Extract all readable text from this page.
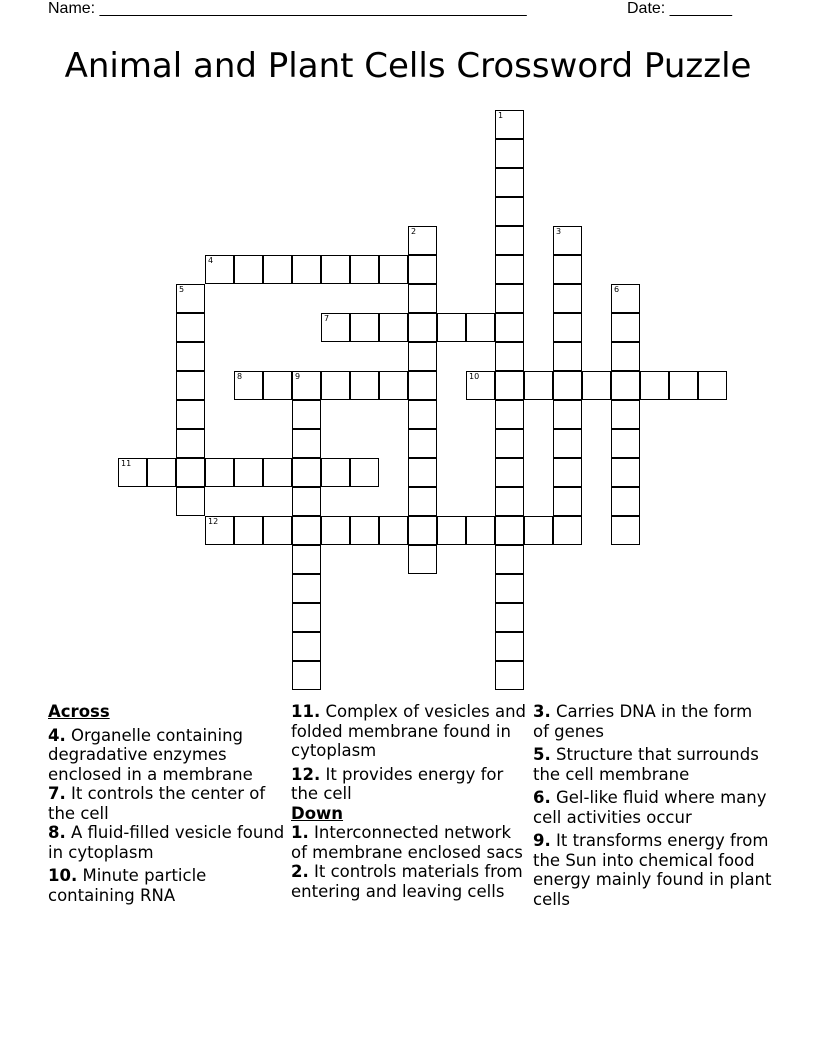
Name: ________________________________________________	Date: _______
Animal and Plant Cells Crossword Puzzle
1
2	3
4
5	6
7
8	9	10
11
12
Across
4. Organelle containing degradative enzymes enclosed in a membrane
7. It controls the center of the cell
8. A fluid-filled vesicle found in cytoplasm
10. Minute particle containing RNA
11. Complex of vesicles and folded membrane found in cytoplasm
12. It provides energy for the cell
Down
1. Interconnected network of membrane enclosed sacs
2. It controls materials from entering and leaving cells
3. Carries DNA in the form of genes
5. Structure that surrounds the cell membrane
6. Gel-like fluid where many cell activities occur
9. It transforms energy from the Sun into chemical food energy mainly found in plant cells
